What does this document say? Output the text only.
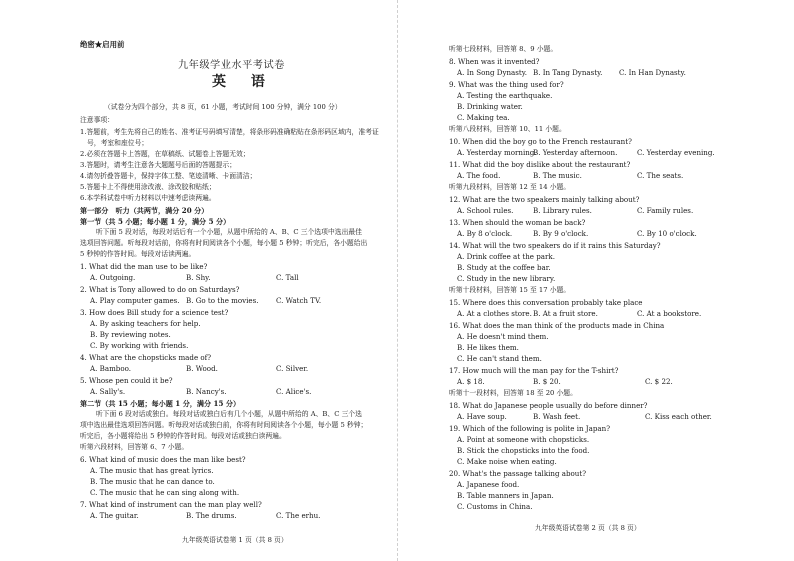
绝密★启用前
九年级学业水平考试卷
英 语
（试卷分为四个部分，共 8 页，61 小题，考试时间 100 分钟，满分 100 分）
注意事项：
1.答题前，考生先将自己的姓名、准考证号码填写清楚，将条形码准确粘贴在条形码区域内，准考证
号，考室和座位号；
2.必须在答题卡上答题，在草稿纸、试题卷上答题无效；
3.答题时，请考生注意各大题题号后面的答题提示；
4.请勿折叠答题卡，保持字体工整、笔迹清晰、卡面清洁；
5.答题卡上不得使用涂改液、涂改胶和贴纸；
6.本学科试卷中听力材料以中速考虑读两遍。
第一部分　听力（共两节，满分 20 分）
第一节（共 5 小题；每小题 1 分，满分 5 分）
听下面 5 段对话，每段对话后有一个小题，从题中所给的 A、B、C 三个选项中选出最佳
选项回答问题。听每段对话前，你将有时间阅读各个小题，每小题 5 秒钟；听完后，各小题给出
5 秒钟的作答时间。每段对话读两遍。
1. What did the man use to be like?
A. Outgoing.	B. Shy.	C. Tall
2. What is Tony allowed to do on Saturdays?
A. Play computer games. B. Go to the movies. C. Watch TV.
3. How does Bill study for a science test?
A. By asking teachers for help.
B. By reviewing notes.
C. By working with friends.
4. What are the chopsticks made of?
A. Bamboo.	B. Wood.	C. Silver.
5. Whose pen could it be?
A. Sally's.	B. Nancy's.	C. Alice's.
第二节（共 15 小题；每小题 1 分，满分 15 分）
听下面 6 段对话或独白。每段对话或独白后有几个小题，从题中所给的 A、B、C 三个选
项中选出最佳选项回答问题。听每段对话或独白前，你将有时间阅读各个小题，每小题 5 秒钟；
听完后，各小题将给出 5 秒钟的作答时间。每段对话或独白读两遍。
听第六段材料，回答第 6、7 小题。
6. What kind of music does the man like best?
A. The music that has great lyrics.
B. The music that he can dance to.
C. The music that he can sing along with.
7. What kind of instrument can the man play well?
A. The guitar.	B. The drums.	C. The erhu.
九年级英语试卷第 1 页（共 8 页）
听第七段材料，回答第 8、9 小题。
8. When was it invented?
A. In Song Dynasty. B. In Tang Dynasty. C. In Han Dynasty.
9. What was the thing used for?
A. Testing the earthquake.
B. Drinking water.
C. Making tea.
听第八段材料，回答第 10、11 小题。
10. When did the boy go to the French restaurant?
A. Yesterday morning.
B. Yesterday afternoon.	C. Yesterday evening.
11. What did the boy dislike about the restaurant?
A. The food.	B. The music.	C. The seats.
听第九段材料，回答第 12 至 14 小题。
12. What are the two speakers mainly talking about?
A. School rules.	B. Library rules.	C. Family rules.
13. When should the woman be back?
A. By 8 o'clock.	B. By 9 o'clock.	C. By 10 o'clock.
14. What will the two speakers do if it rains this Saturday?
A. Drink coffee at the park.
B. Study at the coffee bar.
C. Study in the new library.
听第十段材料，回答第 15 至 17 小题。
15. Where does this conversation probably take place
A. At a clothes store. B. At a fruit store.	C. At a bookstore.
16. What does the man think of the products made in China
A. He doesn't mind them.
B. He likes them.
C. He can't stand them.
17. How much will the man pay for the T-shirt?
A. $ 18.	B. $ 20.	C. $ 22.
听第十一段材料，回答第 18 至 20 小题。
18. What do Japanese people usually do before dinner?
A. Have soup.	B. Wash feet.	C. Kiss each other.
19. Which of the following is polite in Japan?
A. Point at someone with chopsticks.
B. Stick the chopsticks into the food.
C. Make noise when eating.
20. What's the passage talking about?
A. Japanese food.
B. Table manners in Japan.
C. Customs in China.
九年级英语试卷第 2 页（共 8 页）
